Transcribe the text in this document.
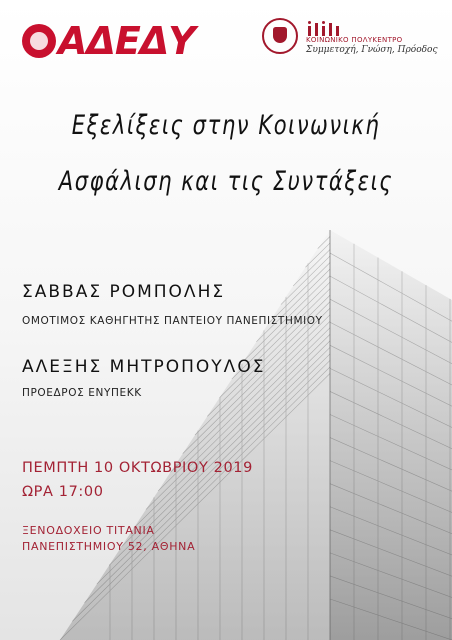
ΑΔΕΔΥ	ΚΟΙΝΩΝΙΚΟ ΠΟΛΥΚΕΝΤΡΟ
Συμμετοχή, Γνώση, Πρόοδος
Εξελίξεις στην Κοινωνική
Ασφάλιση και τις Συντάξεις
ΣΑΒΒΑΣ ΡΟΜΠΟΛΗΣ
ΟΜΟΤΙΜΟΣ ΚΑΘΗΓΗΤΗΣ ΠΑΝΤΕΙΟΥ ΠΑΝΕΠΙΣΤΗΜΙΟΥ
ΑΛΕΞΗΣ ΜΗΤΡΟΠΟΥΛΟΣ
ΠΡΟΕΔΡΟΣ ΕΝΥΠΕΚΚ
ΠΕΜΠΤΗ 10 ΟΚΤΩΒΡΙΟΥ 2019
ΩΡΑ 17:00
ΞΕΝΟΔΟΧΕΙΟ ΤΙΤΑΝΙΑ
ΠΑΝΕΠΙΣΤΗΜΙΟΥ 52, ΑΘΗΝΑ
